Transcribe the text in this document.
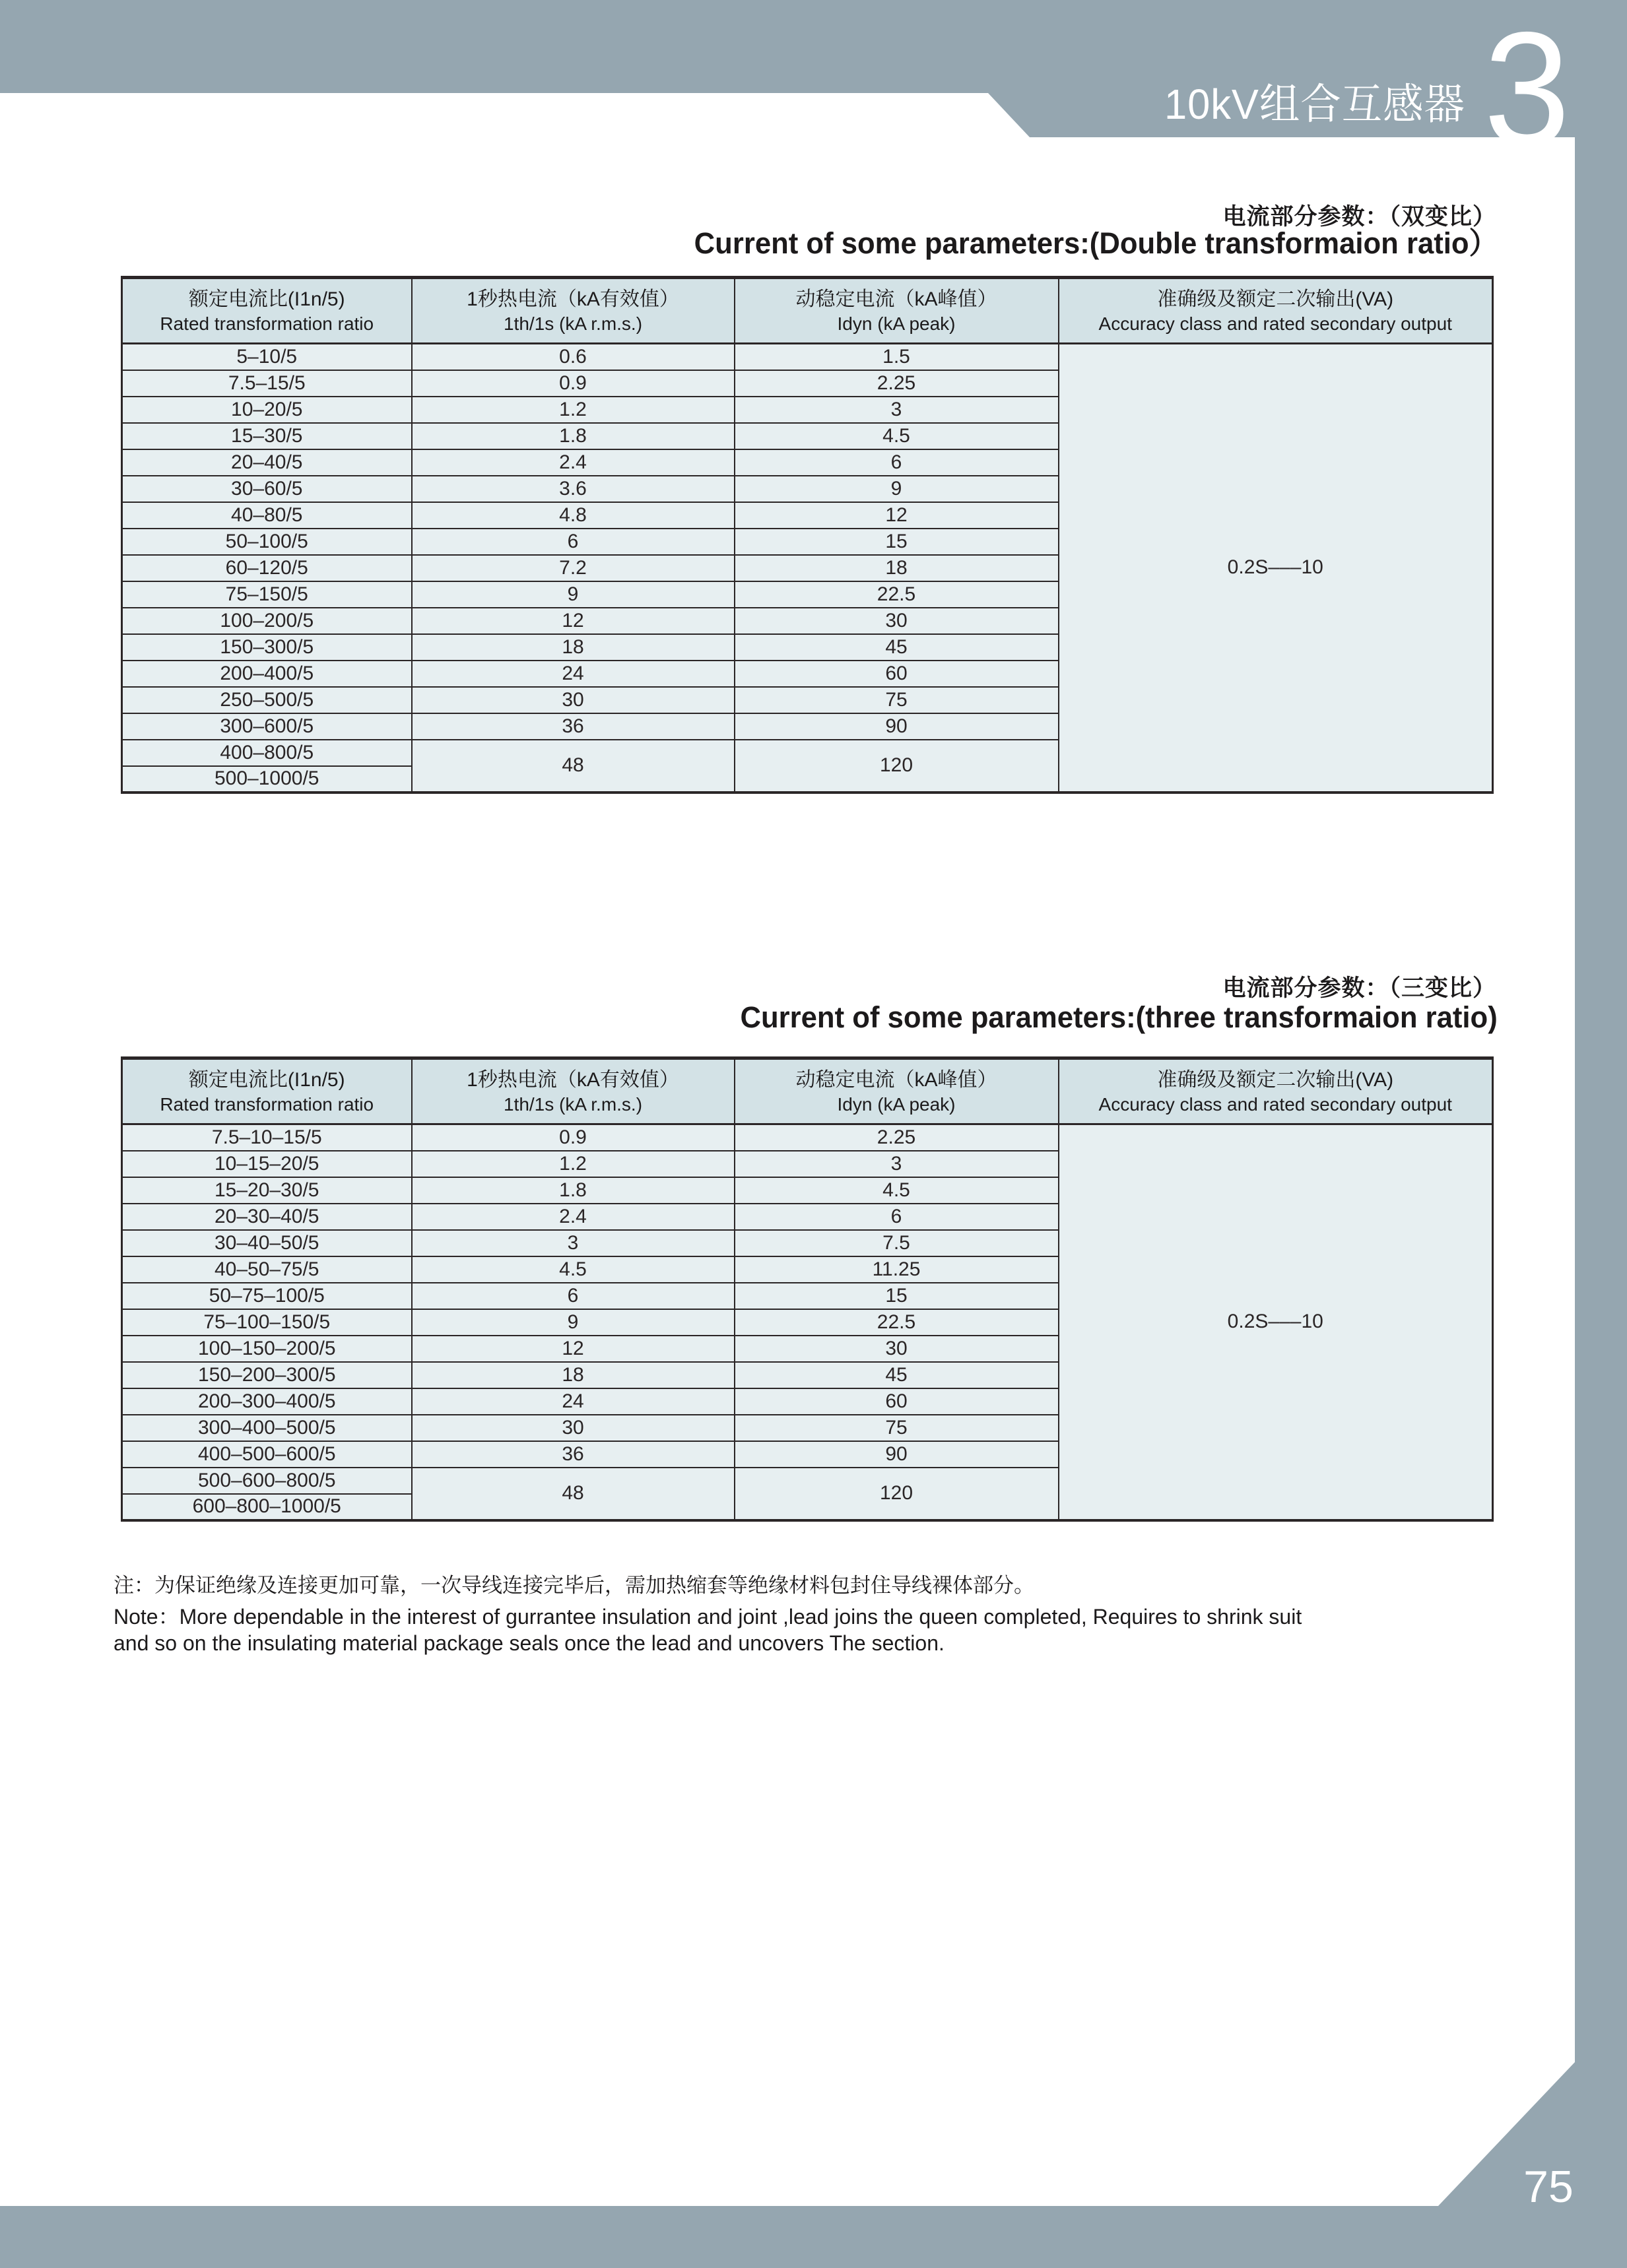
3
10kV组合互感器
75
电流部分参数：（双变比）
Current of some parameters:(Double transformaion ratio）
额定电流比(I1n/5)
Rated transformation ratio

1秒热电流（kA有效值）
1th/1s (kA r.m.s.)

动稳定电流（kA峰值）
Idyn (kA peak)

准确级及额定二次输出(VA)
Accuracy class and rated secondary output

5–10/5	0.6	1.5	0.2S–––10
7.5–15/5	0.9	2.25	
10–20/5	1.2	3	
15–30/5	1.8	4.5	
20–40/5	2.4	6	
30–60/5	3.6	9	
40–80/5	4.8	12	
50–100/5	6	15	
60–120/5	7.2	18	
75–150/5	9	22.5	
100–200/5	12	30	
150–300/5	18	45	
200–400/5	24	60	
250–500/5	30	75	
300–600/5	36	90	
400–800/5	48	120	
500–1000/5			
电流部分参数：（三变比）
Current of some parameters:(three transformaion ratio)
额定电流比(I1n/5)
Rated transformation ratio

1秒热电流（kA有效值）
1th/1s (kA r.m.s.)

动稳定电流（kA峰值）
Idyn (kA peak)

准确级及额定二次输出(VA)
Accuracy class and rated secondary output

7.5–10–15/5	0.9	2.25	0.2S–––10
10–15–20/5	1.2	3	
15–20–30/5	1.8	4.5	
20–30–40/5	2.4	6	
30–40–50/5	3	7.5	
40–50–75/5	4.5	11.25	
50–75–100/5	6	15	
75–100–150/5	9	22.5	
100–150–200/5	12	30	
150–200–300/5	18	45	
200–300–400/5	24	60	
300–400–500/5	30	75	
400–500–600/5	36	90	
500–600–800/5	48	120	
600–800–1000/5			
注：为保证绝缘及连接更加可靠，一次导线连接完毕后，需加热缩套等绝缘材料包封住导线裸体部分。
Note：More dependable in the interest of gurrantee insulation and joint ,lead joins the queen completed, Requires to shrink suit
and so on the insulating material package seals once the lead and uncovers The section.
